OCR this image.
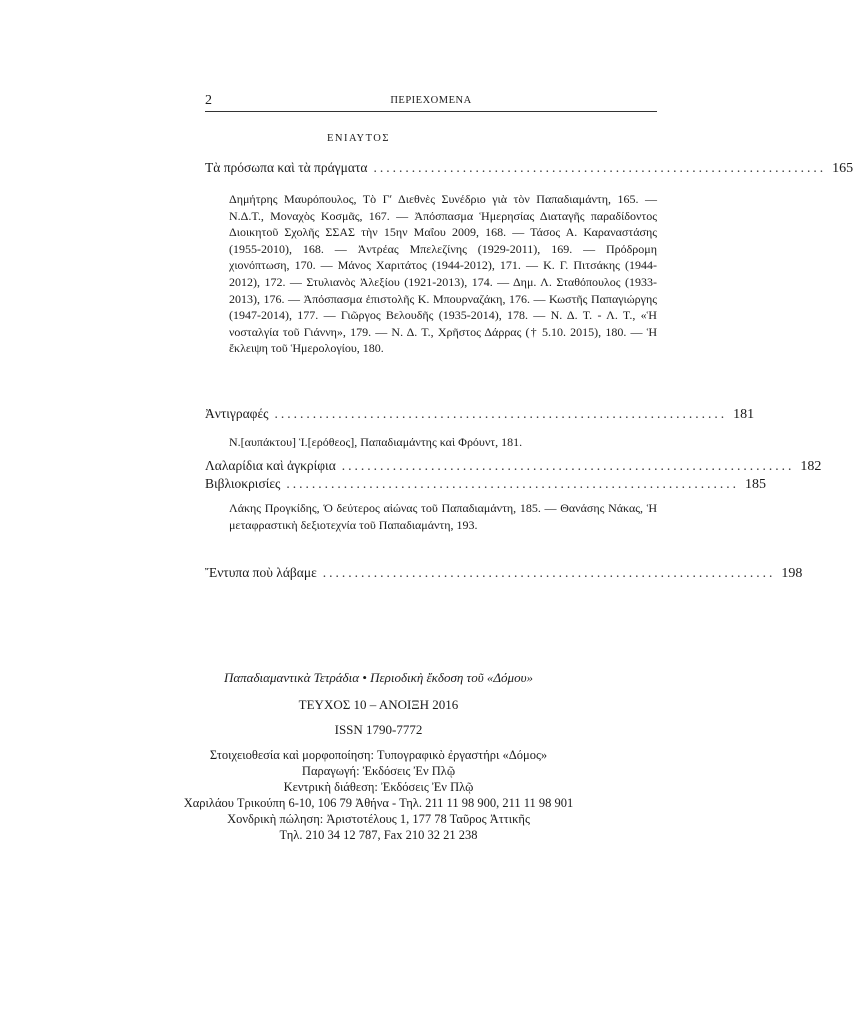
2	ΠΕΡΙΕΧΟΜΕΝΑ
ΕΝΙΑΥΤΟΣ
Τὰ πρόσωπα καὶ τὰ πράγματα ....................................................................... 165

Δημήτρης Μαυρόπουλος, Τὸ Γʹ Διεθνὲς Συνέδριο γιὰ τὸν Παπαδιαμάντη, 165. — Ν.Δ.Τ., Μοναχὸς Κοσμᾶς, 167. — Ἀπόσπασμα Ἡμερησίας Διαταγῆς παραδίδοντος Διοικητοῦ Σχολῆς ΣΣΑΣ τὴν 15ην Μαΐου 2009, 168. — Τάσος Α. Καραναστάσης (1955-2010), 168. — Ἀντρέας Μπελεζίνης (1929-2011), 169. — Πρόδρομη χιονόπτωση, 170. — Μάνος Χαριτάτος (1944-2012), 171. — Κ. Γ. Πιτσάκης (1944-2012), 172. — Στυλιανὸς Ἀλεξίου (1921-2013), 174. — Δημ. Λ. Σταθόπουλος (1933-2013), 176. — Ἀπόσπασμα ἐπιστολῆς Κ. Μπουρναζάκη, 176. — Κωστῆς Παπαγιώργης (1947-2014), 177. — Γιῶργος Βελουδῆς (1935-2014), 178. — Ν. Δ. Τ. - Λ. Τ., «Ἡ νοσταλγία τοῦ Γιάννη», 179. — Ν. Δ. Τ., Χρῆστος Δάρρας († 5.10. 2015), 180. — Ἡ ἔκλειψη τοῦ Ἡμερολογίου, 180.

Ἀντιγραφές ....................................................................... 181

Ν.[αυπάκτου] Ἱ.[ερόθεος], Παπαδιαμάντης καὶ Φρόυντ, 181.

Λαλαρίδια καὶ ἀγκρίφια ....................................................................... 182
Βιβλιοκρισίες ....................................................................... 185

Λάκης Προγκίδης, Ὁ δεύτερος αἰώνας τοῦ Παπαδιαμάντη, 185. — Θανάσης Νάκας, Ἡ μεταφραστικὴ δεξιοτεχνία τοῦ Παπαδιαμάντη, 193.

Ἔντυπα ποὺ λάβαμε ....................................................................... 198
Παπαδιαμαντικὰ Τετράδια • Περιοδικὴ ἔκδοση τοῦ «Δόμου»
ΤΕΥΧΟΣ 10 – ΑΝΟΙΞΗ 2016
ISSN 1790-7772
Στοιχειοθεσία καὶ μορφοποίηση: Τυπογραφικὸ ἐργαστήρι «Δόμος»
Παραγωγή: Ἐκδόσεις Ἐν Πλῷ
Κεντρικὴ διάθεση: Ἐκδόσεις Ἐν Πλῷ
Χαριλάου Τρικούπη 6-10, 106 79 Ἀθήνα - Τηλ. 211 11 98 900, 211 11 98 901
Χονδρικὴ πώληση: Ἀριστοτέλους 1, 177 78 Ταῦρος Ἀττικῆς
Τηλ. 210 34 12 787, Fax 210 32 21 238
